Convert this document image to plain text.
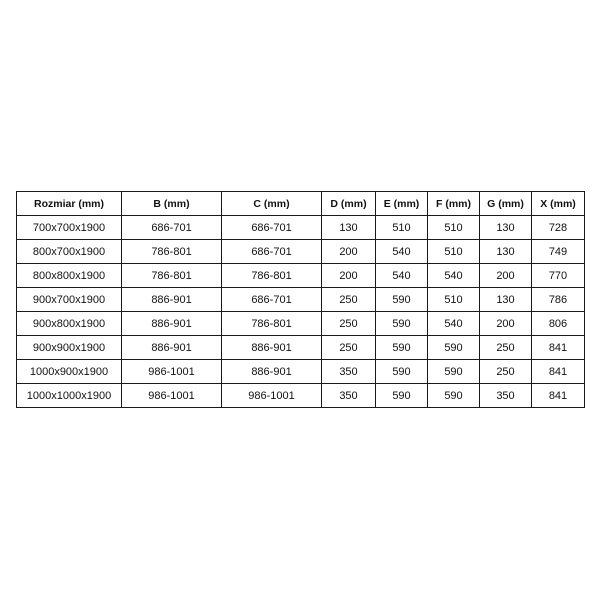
Rozmiar (mm)	B (mm)	C (mm)	D (mm)	E (mm)	F (mm)	G (mm)	X (mm)
700x700x1900	686-701	686-701	130	510	510	130	728
800x700x1900	786-801	686-701	200	540	510	130	749
800x800x1900	786-801	786-801	200	540	540	200	770
900x700x1900	886-901	686-701	250	590	510	130	786
900x800x1900	886-901	786-801	250	590	540	200	806
900x900x1900	886-901	886-901	250	590	590	250	841
1000x900x1900	986-1001	886-901	350	590	590	250	841
1000x1000x1900	986-1001	986-1001	350	590	590	350	841
